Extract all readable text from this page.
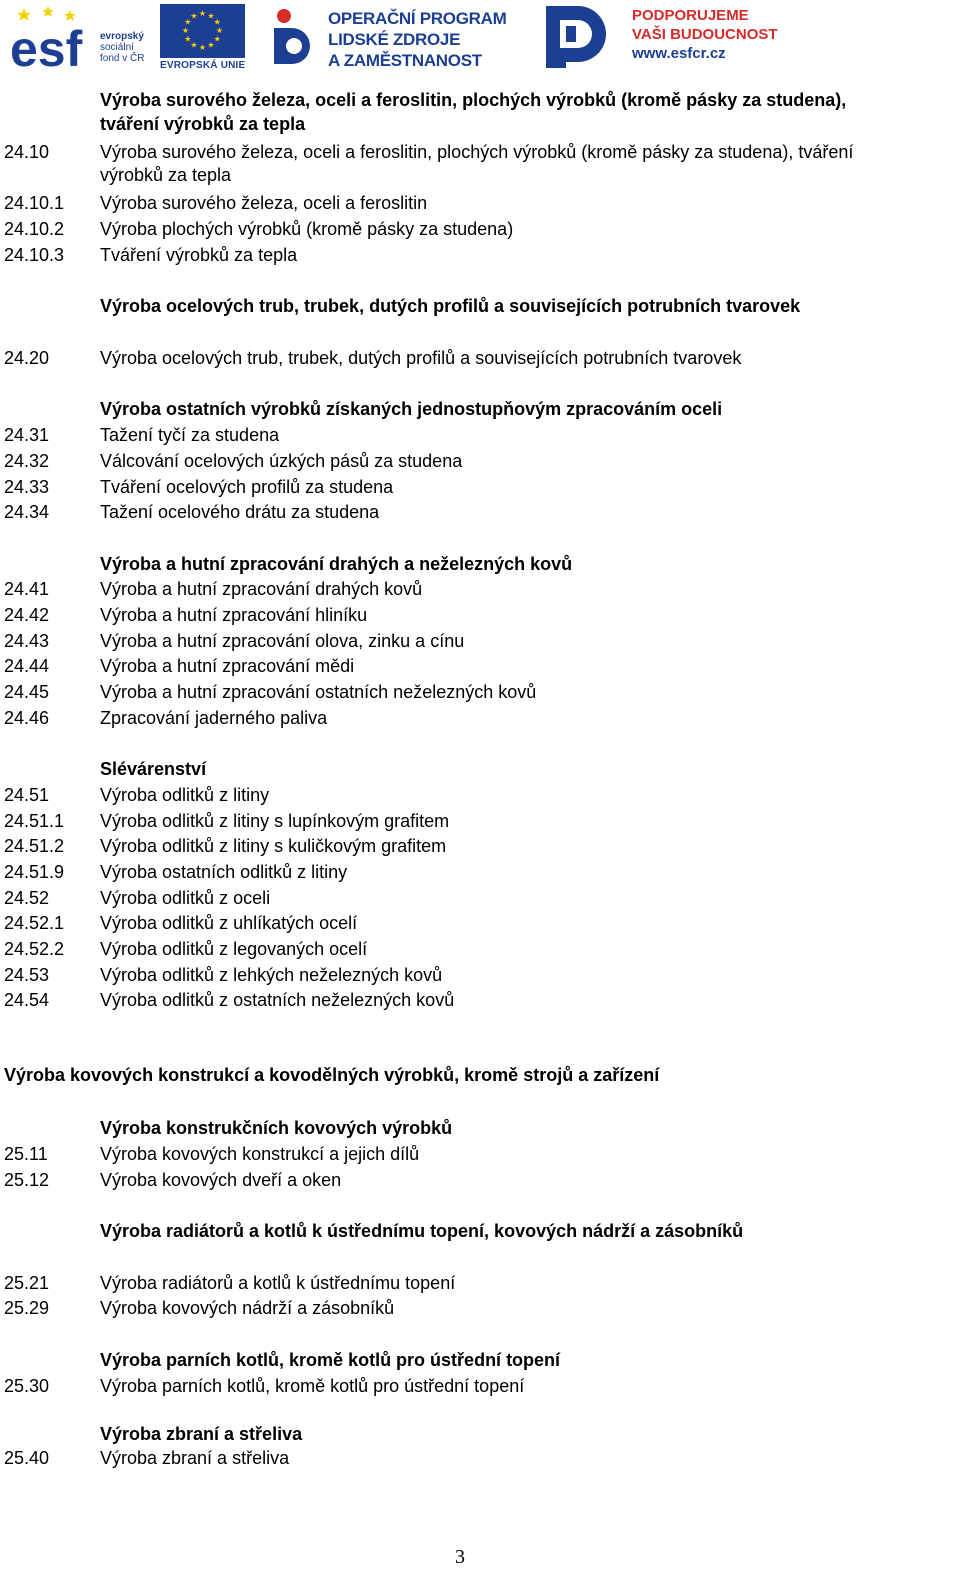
esf evropský
sociální
fond v ČR
★ ★
★
★
★
★
★
★
★
★
★
★
EVROPSKÁ UNIE
OPERAČNÍ PROGRAM
LIDSKÉ ZDROJE
A ZAMĚSTNANOST
PODPORUJEME
VAŠI BUDOUCNOST
www.esfcr.cz
Výroba surového železa, oceli a feroslitin, plochých výrobků (kromě pásky za studena),
tváření výrobků za tepla
24.10	Výroba surového železa, oceli a feroslitin, plochých výrobků (kromě pásky za studena), tváření
výrobků za tepla
24.10.1 Výroba surového železa, oceli a feroslitin
24.10.2 Výroba plochých výrobků (kromě pásky za studena)
24.10.3 Tváření výrobků za tepla
Výroba ocelových trub, trubek, dutých profilů a souvisejících potrubních tvarovek
24.20	Výroba ocelových trub, trubek, dutých profilů a souvisejících potrubních tvarovek
Výroba ostatních výrobků získaných jednostupňovým zpracováním oceli
24.31	Tažení tyčí za studena
24.32	Válcování ocelových úzkých pásů za studena
24.33	Tváření ocelových profilů za studena
24.34	Tažení ocelového drátu za studena
Výroba a hutní zpracování drahých a neželezných kovů
24.41	Výroba a hutní zpracování drahých kovů
24.42	Výroba a hutní zpracování hliníku
24.43	Výroba a hutní zpracování olova, zinku a cínu
24.44	Výroba a hutní zpracování mědi
24.45	Výroba a hutní zpracování ostatních neželezných kovů
24.46	Zpracování jaderného paliva
Slévárenství
24.51	Výroba odlitků z litiny
24.51.1 Výroba odlitků z litiny s lupínkovým grafitem
24.51.2 Výroba odlitků z litiny s kuličkovým grafitem
24.51.9 Výroba ostatních odlitků z litiny
24.52	Výroba odlitků z oceli
24.52.1 Výroba odlitků z uhlíkatých ocelí
24.52.2 Výroba odlitků z legovaných ocelí
24.53	Výroba odlitků z lehkých neželezných kovů
24.54	Výroba odlitků z ostatních neželezných kovů
Výroba kovových konstrukcí a kovodělných výrobků, kromě strojů a zařízení
Výroba konstrukčních kovových výrobků
25.11	Výroba kovových konstrukcí a jejich dílů
25.12	Výroba kovových dveří a oken
Výroba radiátorů a kotlů k ústřednímu topení, kovových nádrží a zásobníků
25.21	Výroba radiátorů a kotlů k ústřednímu topení
25.29	Výroba kovových nádrží a zásobníků
Výroba parních kotlů, kromě kotlů pro ústřední topení
25.30	Výroba parních kotlů, kromě kotlů pro ústřední topení
Výroba zbraní a střeliva
25.40	Výroba zbraní a střeliva
3
